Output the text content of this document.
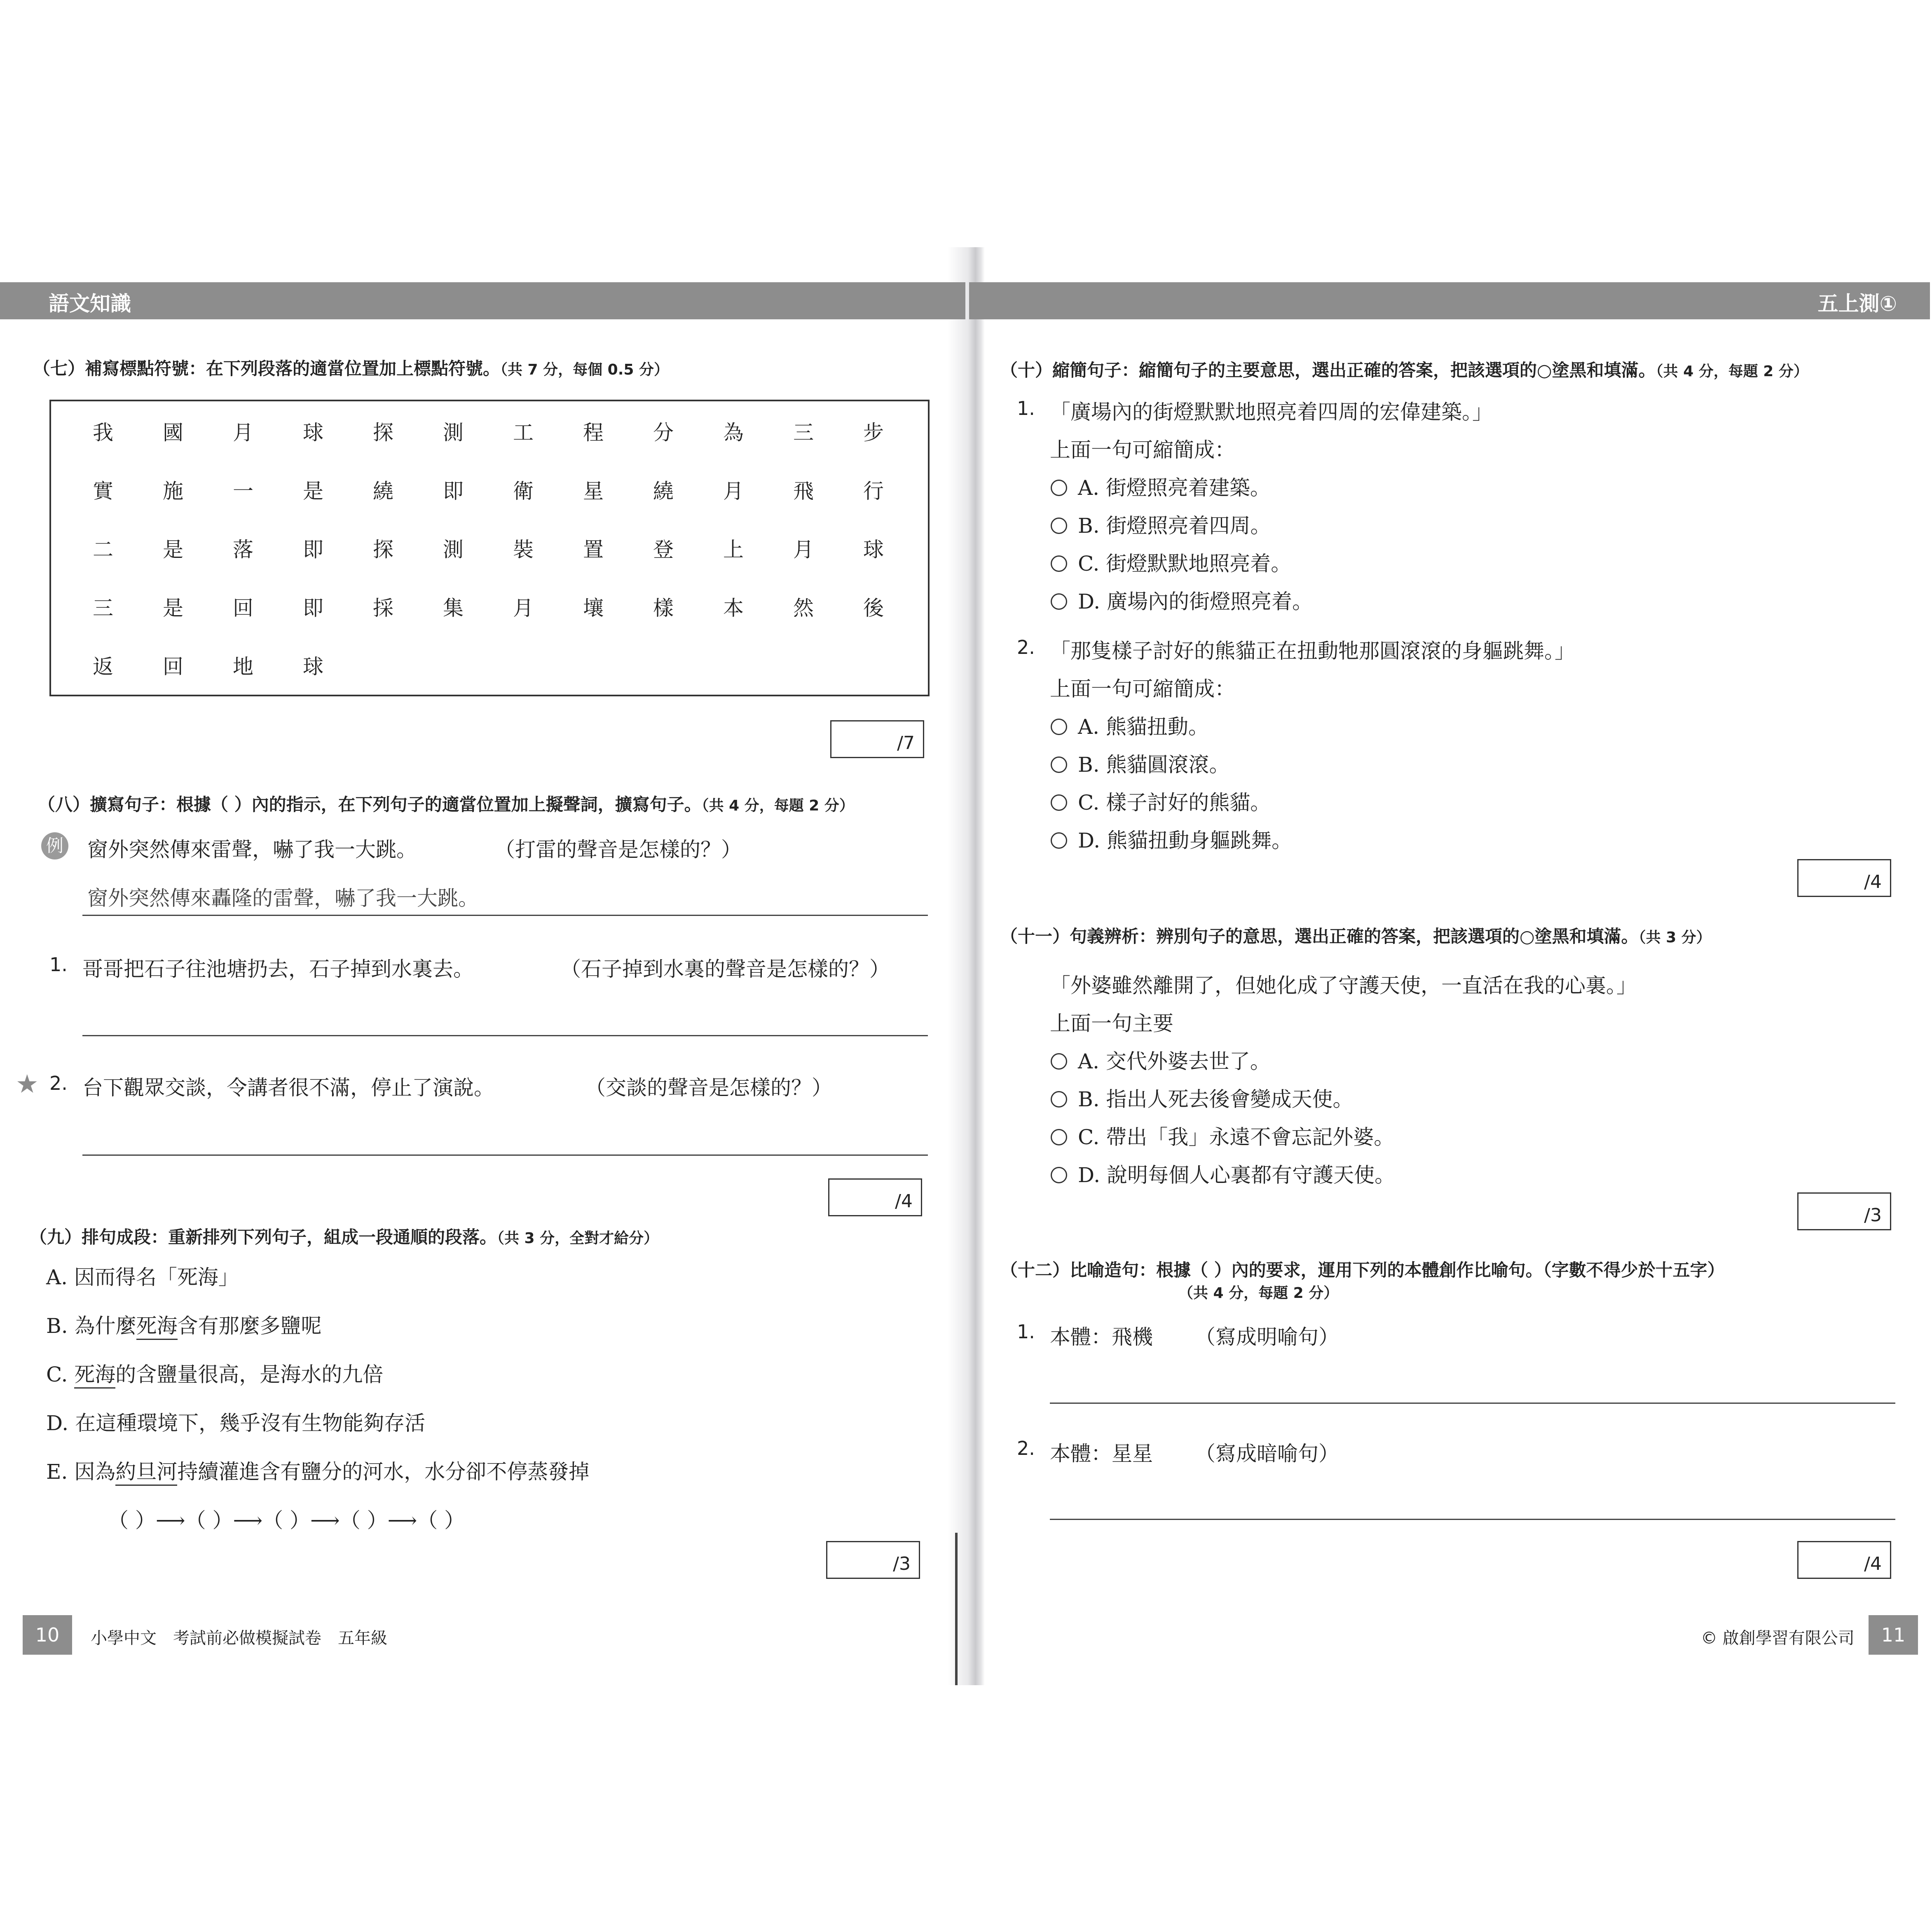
語文知識	五上測①
（七）補寫標點符號：在下列段落的適當位置加上標點符號。（共 7 分，每個 0.5 分）
我 國 月 球 探 測 工 程 分 為 三 步
實 施 一 是 繞 即 衛 星 繞 月 飛 行
二 是 落 即 探 測 裝 置 登 上 月 球
三 是 回 即 採 集 月 壤 樣 本 然 後
返 回 地 球
/7
（八）擴寫句子：根據（ ）內的指示，在下列句子的適當位置加上擬聲詞，擴寫句子。（共 4 分，每題 2 分）
例 窗外突然傳來雷聲，嚇了我一大跳。	（打雷的聲音是怎樣的？）
窗外突然傳來轟隆的雷聲，嚇了我一大跳。
1. 哥哥把石子往池塘扔去，石子掉到水裏去。	（石子掉到水裏的聲音是怎樣的？）
★ 2. 台下觀眾交談，令講者很不滿，停止了演說。	（交談的聲音是怎樣的？）
/4
（九）排句成段：重新排列下列句子，組成一段通順的段落。（共 3 分，全對才給分）
（ ）⟶（ ）⟶（ ）⟶（ ）⟶（ ）
/3
10	小學中文　考試前必做模擬試卷　五年級
（十）縮簡句子：縮簡句子的主要意思，選出正確的答案，把該選項的○塗黑和填滿。（共 4 分，每題 2 分）
/4
（十一）句義辨析：辨別句子的意思，選出正確的答案，把該選項的○塗黑和填滿。（共 3 分）
「外婆雖然離開了，但她化成了守護天使，一直活在我的心裏。」
上面一句主要
/3
（十二）比喻造句：根據（ ）內的要求，運用下列的本體創作比喻句。（字數不得少於十五字）
（共 4 分，每題 2 分）
1. 本體：飛機 （寫成明喻句）
2. 本體：星星 （寫成暗喻句）
/4
© 啟創學習有限公司	11
A. 因而得名「死海」
B. 為什麼死海含有那麼多鹽呢
C. 死海的含鹽量很高，是海水的九倍
D. 在這種環境下，幾乎沒有生物能夠存活
E. 因為約旦河持續灌進含有鹽分的河水，水分卻不停蒸發掉
1. 「廣場內的街燈默默地照亮着四周的宏偉建築。」
上面一句可縮簡成：
A. 街燈照亮着建築。
B. 街燈照亮着四周。
C. 街燈默默地照亮着。
D. 廣場內的街燈照亮着。
2. 「那隻樣子討好的熊貓正在扭動牠那圓滾滾的身軀跳舞。」
上面一句可縮簡成：
A. 熊貓扭動。
B. 熊貓圓滾滾。
C. 樣子討好的熊貓。
D. 熊貓扭動身軀跳舞。
A. 交代外婆去世了。
B. 指出人死去後會變成天使。
C. 帶出「我」永遠不會忘記外婆。
D. 說明每個人心裏都有守護天使。
